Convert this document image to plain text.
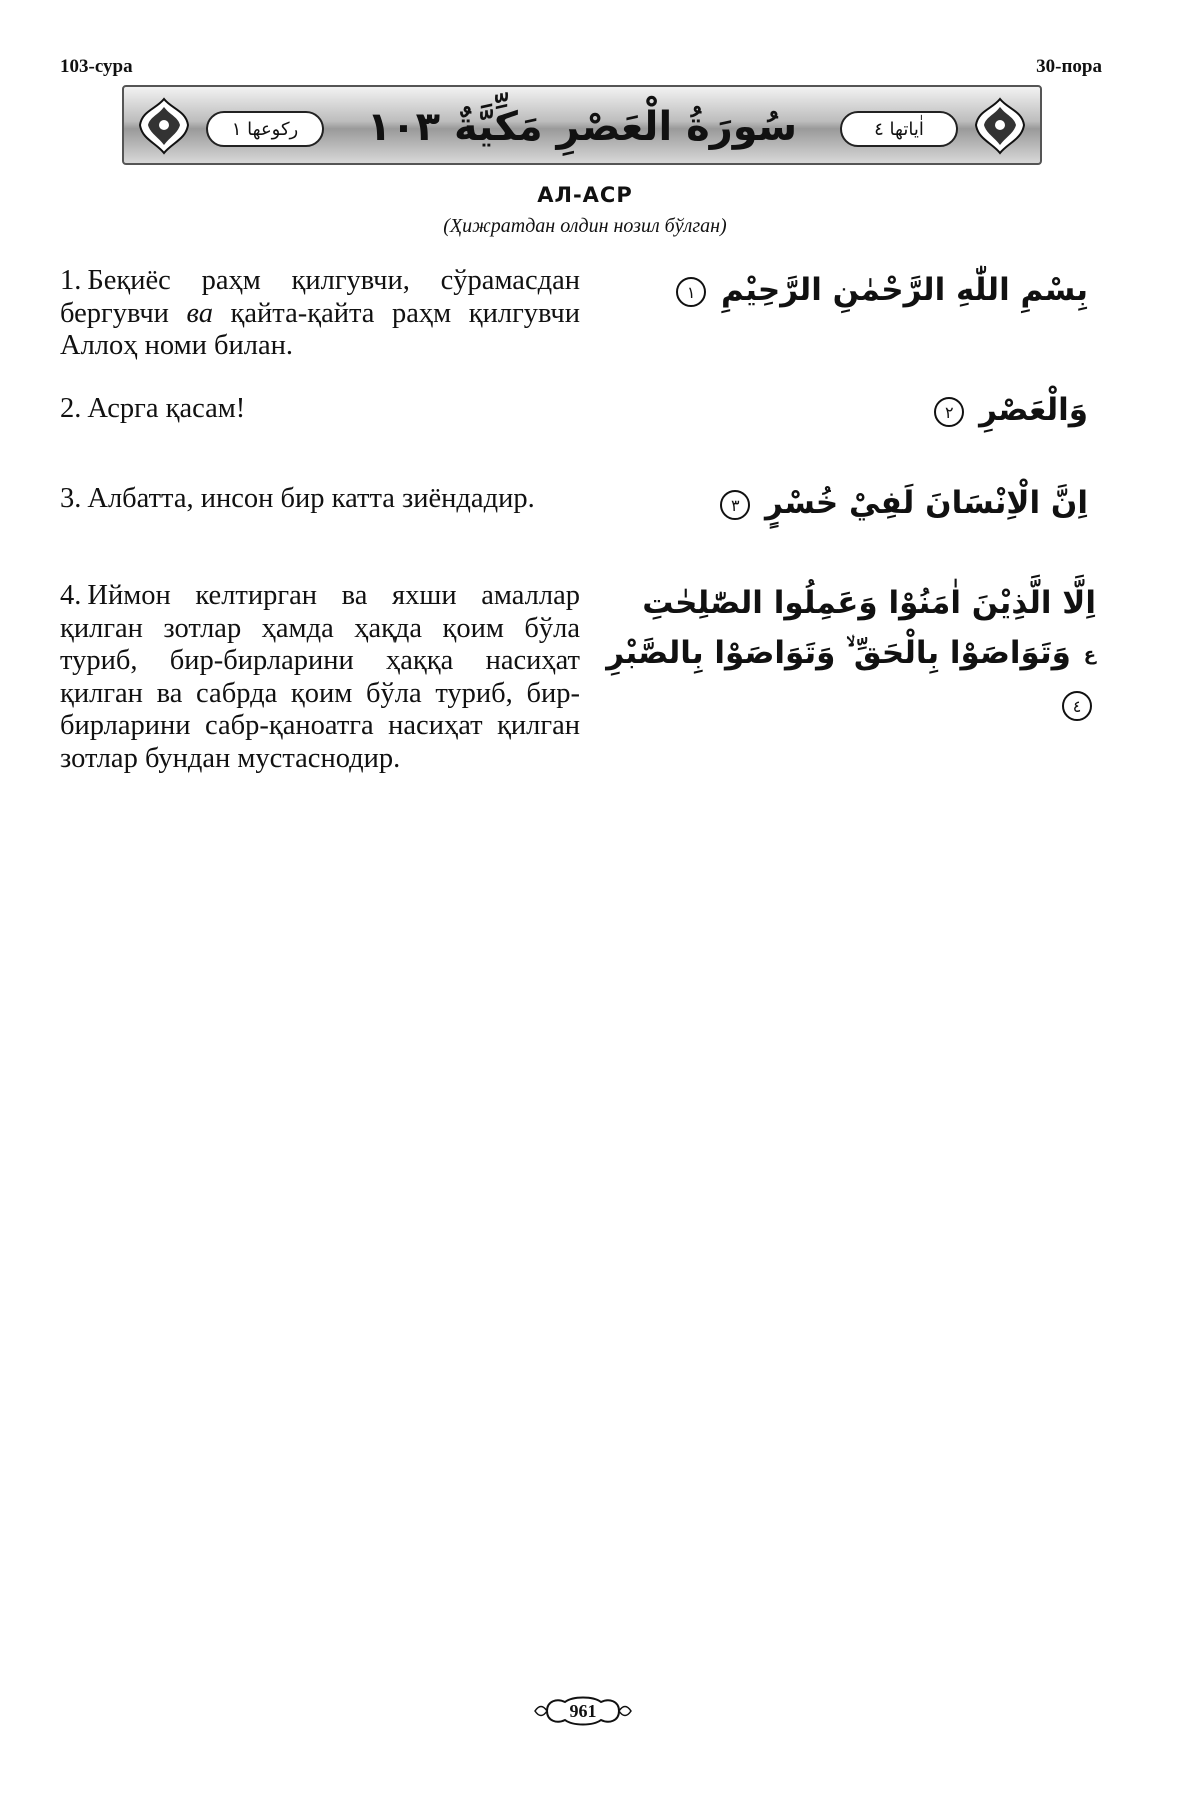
103-сура	30-пора
ركوعها ١	سُورَةُ الْعَصْرِ مَكِّيَّةٌ ١٠٣	اٰياتها ٤
АЛ-АСР
(Ҳижратдан олдин нозил бўлган)
1. Беқиёс раҳм қилгувчи, сўрамасдан бергувчи ва қайта-қайта раҳм қилгувчи Аллоҳ номи билан.
بِسْمِ اللّٰهِ الرَّحْمٰنِ الرَّحِيْمِ ١
2. Асрга қасам!	وَالْعَصْرِ ٢
3. Албатта, инсон бир катта зиёндадир.	اِنَّ الْاِنْسَانَ لَفِيْ خُسْرٍ ٣
4. Иймон келтирган ва яхши амаллар қилган зотлар ҳамда ҳақда қоим бўла туриб, бир-бирларини ҳаққа насиҳат қилган ва сабрда қоим бўла туриб, бир-бирларини сабр-қаноатга насиҳат қилган зотлар бундан мустаснодир.
اِلَّا الَّذِيْنَ اٰمَنُوْا وَعَمِلُوا الصّٰلِحٰتِ
ع وَتَوَاصَوْا بِالْحَقِّ ۙ وَتَوَاصَوْا بِالصَّبْرِ ٤
961
